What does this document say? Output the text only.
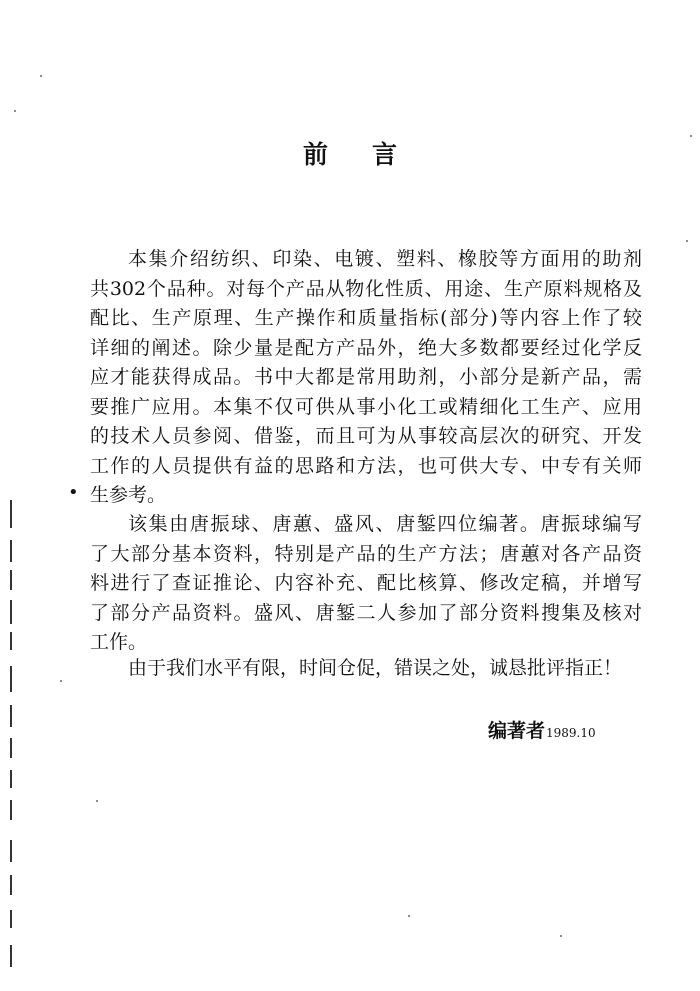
前言
本集介绍纺织、印染、电镀、塑料、橡胶等方面用的助剂
共302个品种。对每个产品从物化性质、用途、生产原料规格及
配比、生产原理、生产操作和质量指标(部分)等内容上作了较
详细的阐述。除少量是配方产品外，绝大多数都要经过化学反
应才能获得成品。书中大都是常用助剂，小部分是新产品，需
要推广应用。本集不仅可供从事小化工或精细化工生产、应用
的技术人员参阅、借鉴，而且可为从事较高层次的研究、开发
工作的人员提供有益的思路和方法，也可供大专、中专有关师
生参考。
•
该集由唐振球、唐蕙、盛风、唐錾四位编著。唐振球编写
了大部分基本资料，特别是产品的生产方法；唐蕙对各产品资
料进行了查证推论、内容补充、配比核算、修改定稿，并增写
了部分产品资料。盛风、唐錾二人参加了部分资料搜集及核对
工作。
由于我们水平有限，时间仓促，错误之处，诚恳批评指正！
编著者1989.10
